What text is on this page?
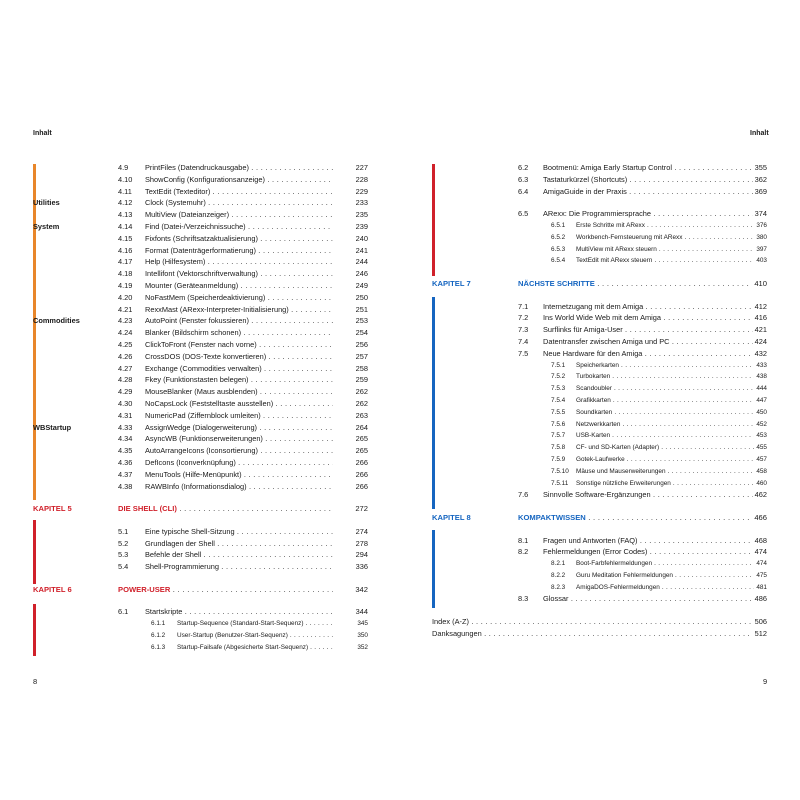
Inhalt	Inhalt
4.9 PrintFiles (Datendruckausgabe) . . .	227
4.10 ShowConfig (Konfigurationsanzeige) . . .	228
4.11 TextEdit (Texteditor) . . .	229
Utilities	4.12 Clock (Systemuhr) . . .	233
4.13 MultiView (Dateianzeiger) . . .	235
System	4.14 Find (Datei-/Verzeichnissuche) . . .	239
4.15 Fixfonts (Schriftsatzaktualisierung) . . .	240
4.16 Format (Datenträgerformatierung) . . .	241
4.17 Help (Hilfesystem) . . .	244
4.18 Intellifont (Vektorschriftverwaltung) . . .	246
4.19 Mounter (Geräteanmeldung) . . .	249
4.20 NoFastMem (Speicherdeaktivierung) . . .	250
4.21 RexxMast (ARexx-Interpreter-Initialisierung) . . .	251
Commodities	4.23 AutoPoint (Fenster fokussieren) . . .	253
4.24 Blanker (Bildschirm schonen) . . .	254
4.25 ClickToFront (Fenster nach vorne) . . .	256
4.26 CrossDOS (DOS-Texte konvertieren) . . .	257
4.27 Exchange (Commodities verwalten) . . .	258
4.28 Fkey (Funktionstasten belegen) . . .	259
4.29 MouseBlanker (Maus ausblenden) . . .	262
4.30 NoCapsLock (Feststelltaste ausstellen) . . .	262
4.31 NumericPad (Ziffernblock umleiten) . . .	263
WBStartup	4.33 AssignWedge (Dialogerweiterung) . . .	264
4.34 AsyncWB (Funktionserweiterungen) . . .	265
4.35 AutoArrangeIcons (Iconsortierung) . . .	265
4.36 DefIcons (Iconverknüpfung) . . .	266
4.37 MenuTools (Hilfe-Menüpunkt) . . .	266
4.38 RAWBInfo (Informationsdialog) . . .	266
KAPITEL 5	DIE SHELL (CLI) . . .	272
5.1 Eine typische Shell-Sitzung . . .	274
5.2 Grundlagen der Shell . . .	278
5.3 Befehle der Shell . . .	294
5.4 Shell-Programmierung . . .	336
KAPITEL 6	POWER-USER . . .	342
6.1 Startskripte . . .	344
6.1.1 Startup-Sequence (Standard-Start-Sequenz) . . .	345
6.1.2 User-Startup (Benutzer-Start-Sequenz) . . .	350
6.1.3 Startup-Failsafe (Abgesicherte Start-Sequenz) . . .	352
6.2 Bootmenü: Amiga Early Startup Control . . .	355
6.3 Tastaturkürzel (Shortcuts) . . .	362
6.4 AmigaGuide in der Praxis . . .	369
6.5 ARexx: Die Programmiersprache . . .	374
6.5.1 Erste Schritte mit ARexx . . .	376
6.5.2 Workbench-Fernsteuerung mit ARexx . . .	380
6.5.3 MultiView mit ARexx steuern . . .	397
6.5.4 TextEdit mit ARexx steuern . . .	403
KAPITEL 7	NÄCHSTE SCHRITTE . . .	410
7.1 Internetzugang mit dem Amiga . . .	412
7.2 Ins World Wide Web mit dem Amiga . . .	416
7.3 Surflinks für Amiga-User . . .	421
7.4 Datentransfer zwischen Amiga und PC . . .	424
7.5 Neue Hardware für den Amiga . . .	432
7.5.1 Speicherkarten . . .	433
7.5.2 Turbokarten . . .	438
7.5.3 Scandoubler . . .	444
7.5.4 Grafikkarten . . .	447
7.5.5 Soundkarten . . .	450
7.5.6 Netzwerkkarten . . .	452
7.5.7 USB-Karten . . .	453
7.5.8 CF- und SD-Karten (Adapter) . . .	455
7.5.9 Gotek-Laufwerke . . .	457
7.5.10 Mäuse und Mauserweiterungen . . .	458
7.5.11 Sonstige nützliche Erweiterungen . . .	460
7.6 Sinnvolle Software-Ergänzungen . . .	462
KAPITEL 8	KOMPAKTWISSEN . . .	466
8.1 Fragen und Antworten (FAQ) . . .	468
8.2 Fehlermeldungen (Error Codes) . . .	474
8.2.1 Boot-Farbfehlermeldungen . . .	474
8.2.2 Guru Meditation Fehlermeldungen . . .	475
8.2.3 AmigaDOS-Fehlermeldungen . . .	481
8.3 Glossar . . .	486
Index (A-Z) . . .	506
Danksagungen . . .	512
8	9
